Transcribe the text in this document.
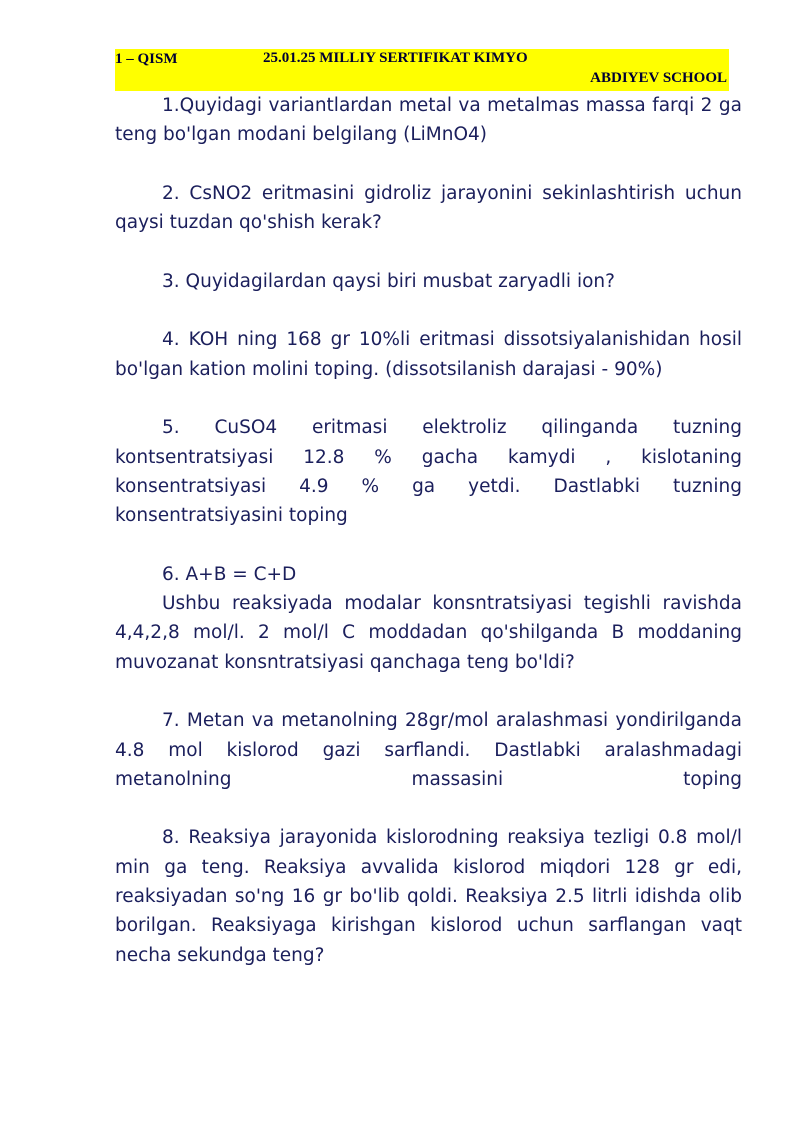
1 – QISM	25.01.25 MILLIY SERTIFIKAT KIMYO
ABDIYEV SCHOOL

1.Quyidagi variantlardan metal va metalmas massa farqi 2 ga teng bo'lgan modani belgilang (LiMnO4)

2. CsNO2 eritmasini gidroliz jarayonini sekinlashtirish uchun qaysi tuzdan qo'shish kerak?

3. Quyidagilardan qaysi biri musbat zaryadli ion?

4. KOH ning 168 gr 10%li eritmasi dissotsiyalanishidan hosil bo'lgan kation molini toping. (dissotsilanish darajasi - 90%)

5. CuSO4 eritmasi elektroliz qilinganda tuzning kontsentratsiyasi 12.8 % gacha kamydi , kislotaning konsentratsiyasi 4.9 % ga yetdi. Dastlabki tuzning konsentratsiyasini toping

6. A+B = C+D

Ushbu reaksiyada modalar konsntratsiyasi tegishli ravishda 4,4,2,8 mol/l. 2 mol/l C moddadan qo'shilganda B moddaning muvozanat konsntratsiyasi qanchaga teng bo'ldi?

7. Metan va metanolning 28gr/mol aralashmasi yondirilganda 4.8 mol kislorod gazi sarflandi. Dastlabki aralashmadagi metanolning massasini toping

8. Reaksiya jarayonida kislorodning reaksiya tezligi 0.8 mol/l min ga teng. Reaksiya avvalida kislorod miqdori 128 gr edi, reaksiyadan so'ng 16 gr bo'lib qoldi. Reaksiya 2.5 litrli idishda olib borilgan. Reaksiyaga kirishgan kislorod uchun sarflangan vaqt necha sekundga teng?
